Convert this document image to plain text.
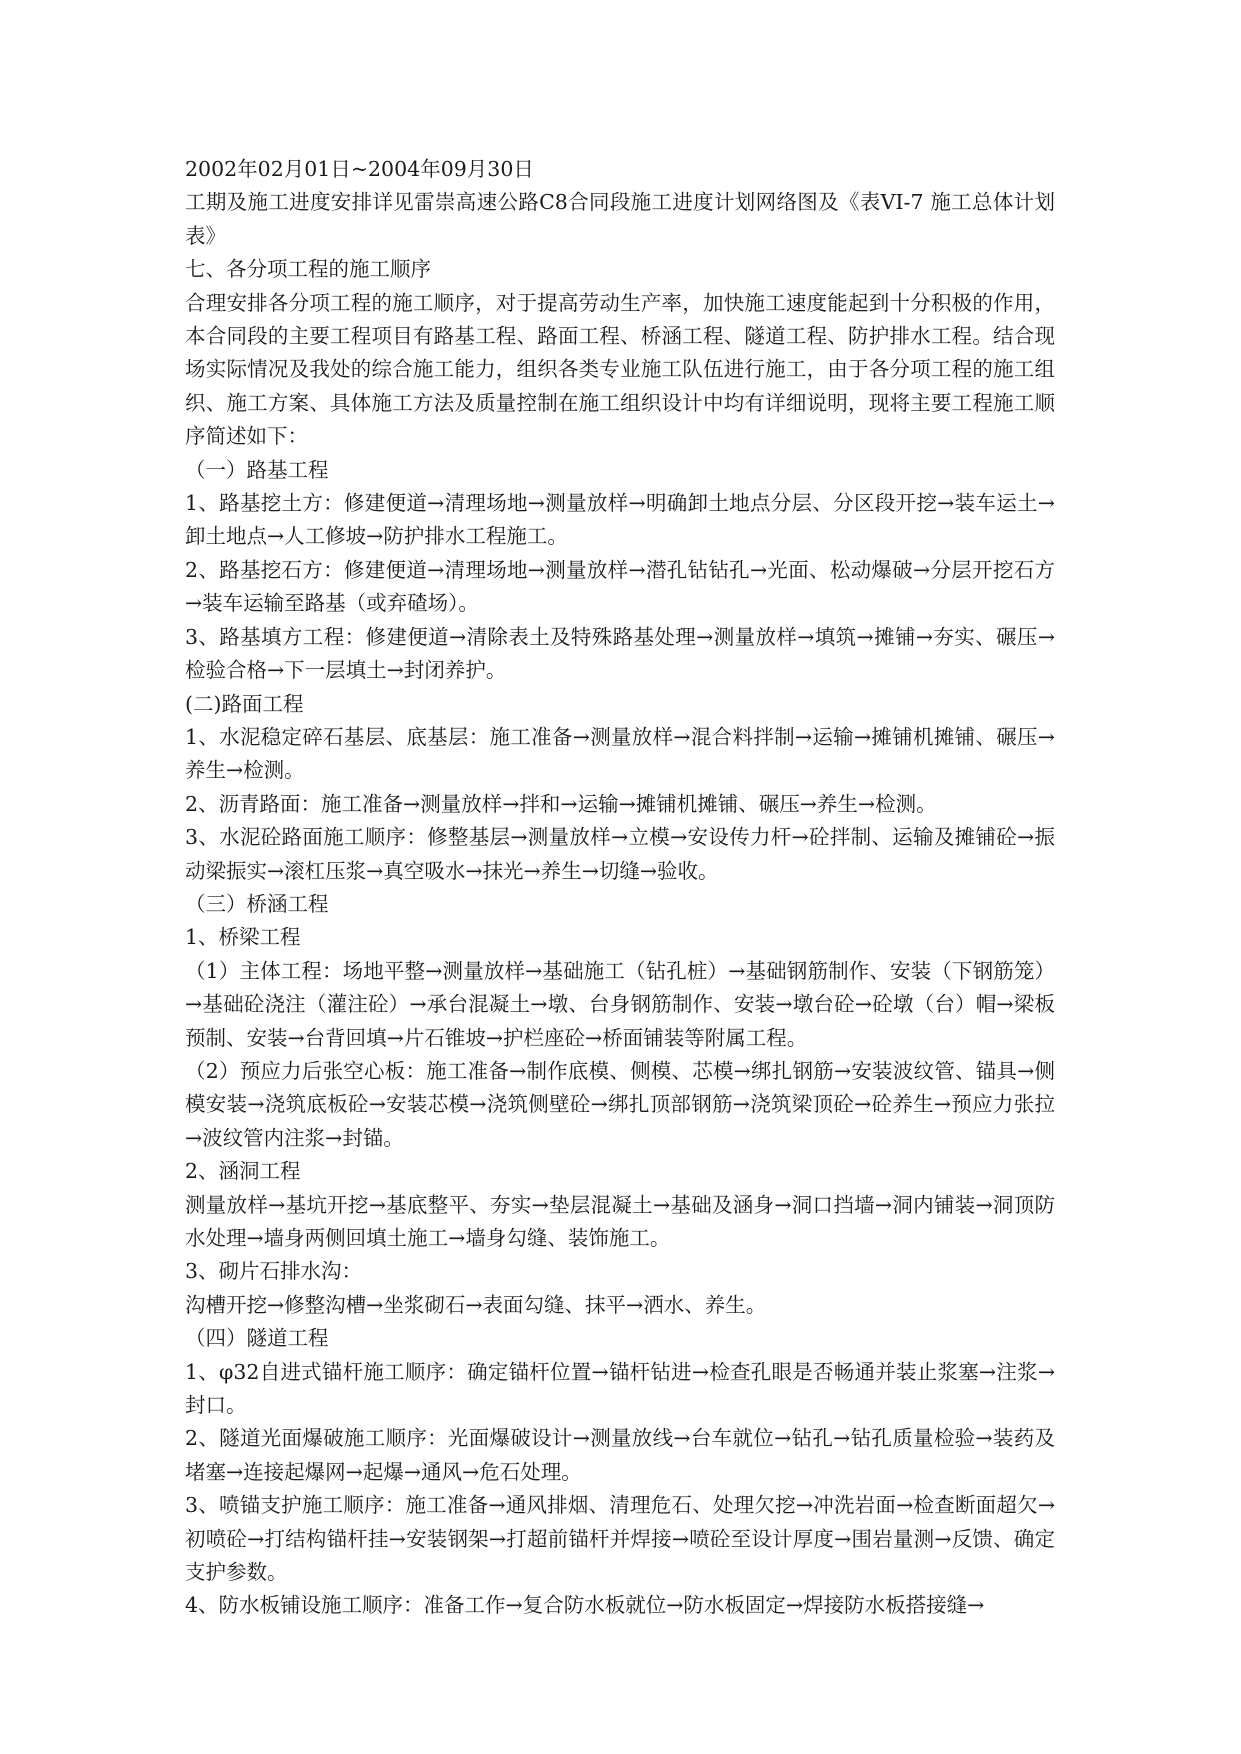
2002年02月01日~2004年09月30日

工期及施工进度安排详见雷崇高速公路C8合同段施工进度计划网络图及《表VI-7 施工总体计划表》

七、各分项工程的施工顺序

合理安排各分项工程的施工顺序，对于提高劳动生产率，加快施工速度能起到十分积极的作用，本合同段的主要工程项目有路基工程、路面工程、桥涵工程、隧道工程、防护排水工程。结合现场实际情况及我处的综合施工能力，组织各类专业施工队伍进行施工，由于各分项工程的施工组织、施工方案、具体施工方法及质量控制在施工组织设计中均有详细说明，现将主要工程施工顺序简述如下：

（一）路基工程

1、路基挖土方：修建便道→清理场地→测量放样→明确卸土地点分层、分区段开挖→装车运土→卸土地点→人工修坡→防护排水工程施工。

2、路基挖石方：修建便道→清理场地→测量放样→潜孔钻钻孔→光面、松动爆破→分层开挖石方→装车运输至路基（或弃碴场）。

3、路基填方工程：修建便道→清除表土及特殊路基处理→测量放样→填筑→摊铺→夯实、碾压→检验合格→下一层填土→封闭养护。

(二)路面工程

1、水泥稳定碎石基层、底基层：施工准备→测量放样→混合料拌制→运输→摊铺机摊铺、碾压→养生→检测。

2、沥青路面：施工准备→测量放样→拌和→运输→摊铺机摊铺、碾压→养生→检测。

3、水泥砼路面施工顺序：修整基层→测量放样→立模→安设传力杆→砼拌制、运输及摊铺砼→振动梁振实→滚杠压浆→真空吸水→抹光→养生→切缝→验收。

（三）桥涵工程

1、桥梁工程

（1）主体工程：场地平整→测量放样→基础施工（钻孔桩）→基础钢筋制作、安装（下钢筋笼）→基础砼浇注（灌注砼）→承台混凝土→墩、台身钢筋制作、安装→墩台砼→砼墩（台）帽→梁板预制、安装→台背回填→片石锥坡→护栏座砼→桥面铺装等附属工程。

（2）预应力后张空心板：施工准备→制作底模、侧模、芯模→绑扎钢筋→安装波纹管、锚具→侧模安装→浇筑底板砼→安装芯模→浇筑侧壁砼→绑扎顶部钢筋→浇筑梁顶砼→砼养生→预应力张拉→波纹管内注浆→封锚。

2、涵洞工程

测量放样→基坑开挖→基底整平、夯实→垫层混凝土→基础及涵身→洞口挡墙→洞内铺装→洞顶防水处理→墙身两侧回填土施工→墙身勾缝、装饰施工。

3、砌片石排水沟：

沟槽开挖→修整沟槽→坐浆砌石→表面勾缝、抹平→洒水、养生。

（四）隧道工程

1、φ32自进式锚杆施工顺序：确定锚杆位置→锚杆钻进→检查孔眼是否畅通并装止浆塞→注浆→封口。

2、隧道光面爆破施工顺序：光面爆破设计→测量放线→台车就位→钻孔→钻孔质量检验→装药及堵塞→连接起爆网→起爆→通风→危石处理。

3、喷锚支护施工顺序：施工准备→通风排烟、清理危石、处理欠挖→冲洗岩面→检查断面超欠→初喷砼→打结构锚杆挂→安装钢架→打超前锚杆并焊接→喷砼至设计厚度→围岩量测→反馈、确定支护参数。

4、防水板铺设施工顺序：准备工作→复合防水板就位→防水板固定→焊接防水板搭接缝→
